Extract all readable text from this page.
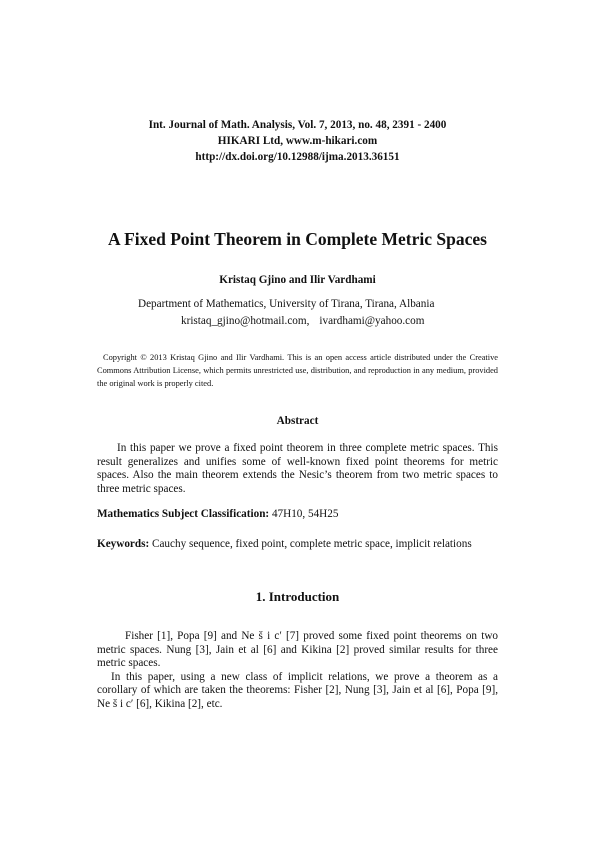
Int. Journal of Math. Analysis, Vol. 7, 2013, no. 48, 2391 - 2400
HIKARI Ltd, www.m-hikari.com
http://dx.doi.org/10.12988/ijma.2013.36151
A Fixed Point Theorem in Complete Metric Spaces
Kristaq Gjino and Ilir Vardhami
Department of Mathematics, University of Tirana, Tirana, Albania
kristaq_gjino@hotmail.com, ivardhami@yahoo.com
Copyright © 2013 Kristaq Gjino and Ilir Vardhami. This is an open access article distributed under the Creative Commons Attribution License, which permits unrestricted use, distribution, and reproduction in any medium, provided the original work is properly cited.
Abstract
In this paper we prove a fixed point theorem in three complete metric spaces. This result generalizes and unifies some of well-known fixed point theorems for metric spaces. Also the main theorem extends the Nesic’s theorem from two metric spaces to three metric spaces.
Mathematics Subject Classification: 47H10, 54H25
Keywords: Cauchy sequence, fixed point, complete metric space, implicit relations
1. Introduction

Fisher [1], Popa [9] and Ne s̆ i c′ [7] proved some fixed point theorems on two metric spaces. Nung [3], Jain et al [6] and Kikina [2] proved similar results for three metric spaces.

In this paper, using a new class of implicit relations, we prove a theorem as a corollary of which are taken the theorems: Fisher [2], Nung [3], Jain et al [6], Popa [9], Ne s̆ i c′ [6], Kikina [2], etc.
